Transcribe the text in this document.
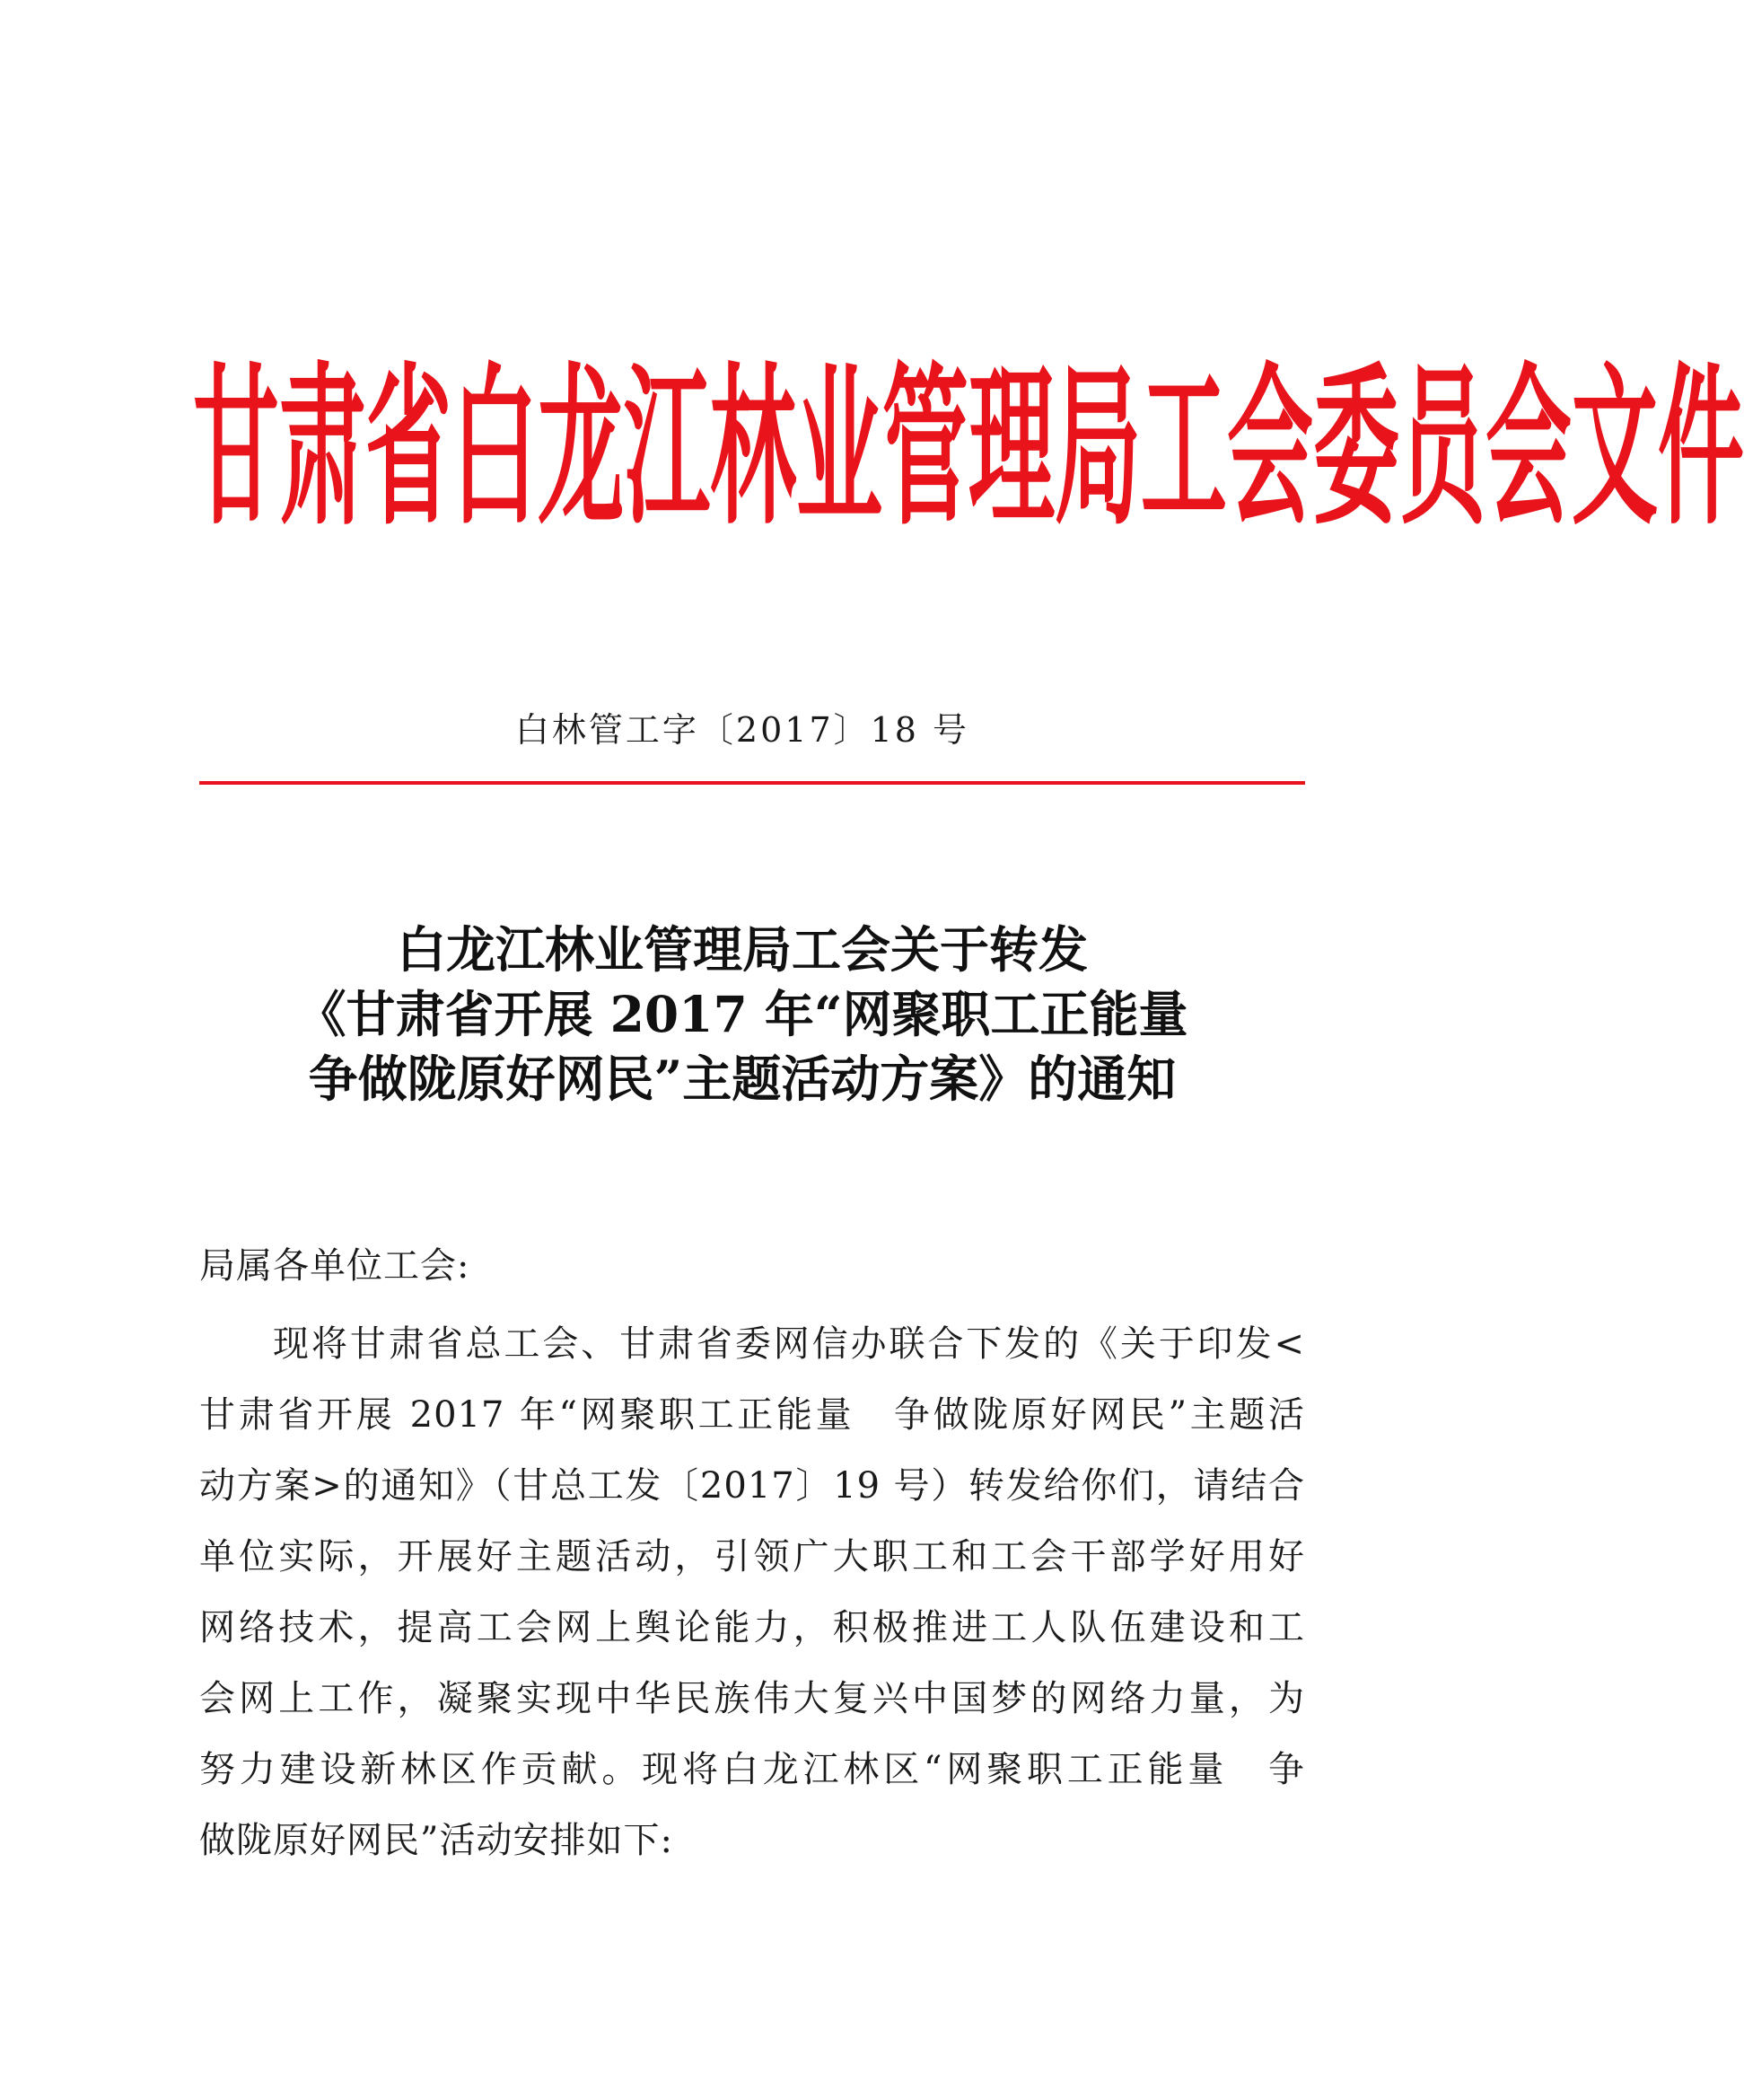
甘 肃 省 白 龙 江 林 业 管 理 局 工 会 委 员 会 文 件
白林管工字〔2017〕18 号
白龙江林业管理局工会关于转发
《甘肃省开展 2017 年“网聚职工正能量
争做陇原好网民”主题活动方案》的通知
局属各单位工会:
现将甘肃省总工会、甘肃省委网信办联合下发的《关于印发<
甘肃省开展 2017 年“网聚职工正能量　争做陇原好网民”主题活
动方案>的通知》（甘总工发〔2017〕19 号）转发给你们，请结合
单位实际，开展好主题活动，引领广大职工和工会干部学好用好
网络技术，提高工会网上舆论能力，积极推进工人队伍建设和工
会网上工作，凝聚实现中华民族伟大复兴中国梦的网络力量，为
努力建设新林区作贡献。现将白龙江林区“网聚职工正能量　争
做陇原好网民”活动安排如下:
